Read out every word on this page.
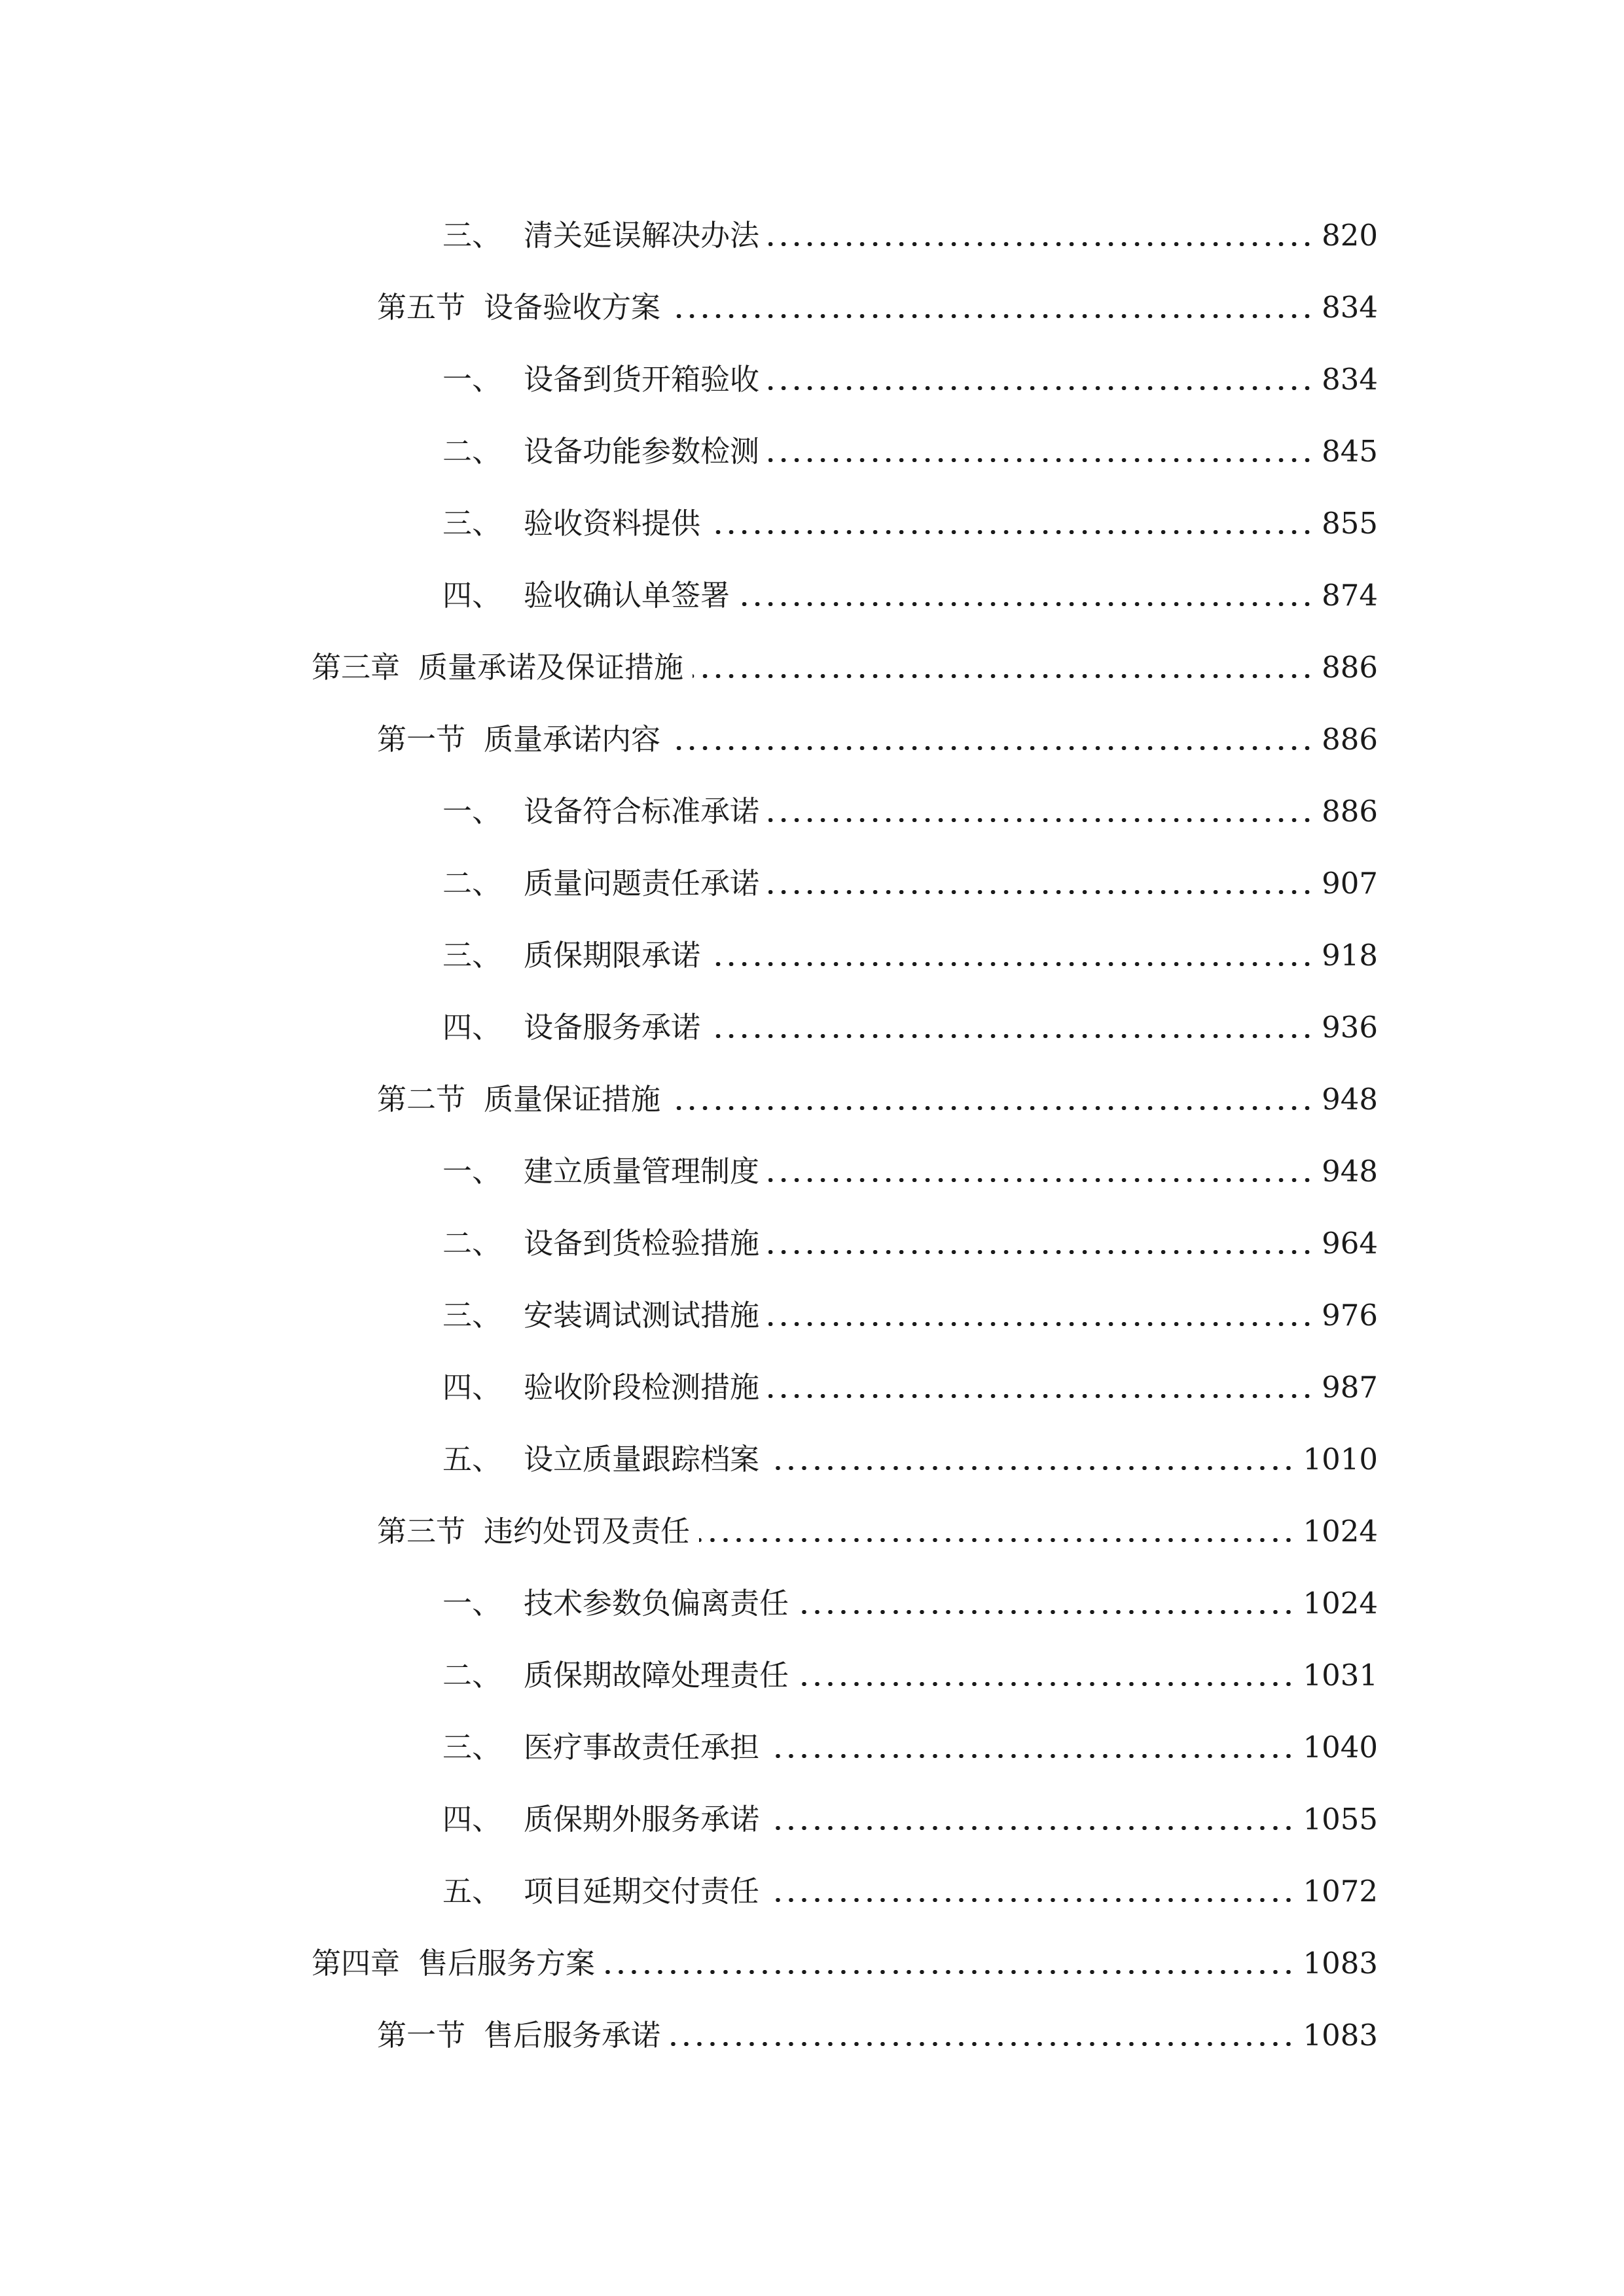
三、 清关延误解决办法	820
第五节 设备验收方案	834
一、 设备到货开箱验收	834
二、 设备功能参数检测	845
三、 验收资料提供	855
四、 验收确认单签署	874
第三章 质量承诺及保证措施	886
第一节 质量承诺内容	886
一、 设备符合标准承诺	886
二、 质量问题责任承诺	907
三、 质保期限承诺	918
四、 设备服务承诺	936
第二节 质量保证措施	948
一、 建立质量管理制度	948
二、 设备到货检验措施	964
三、 安装调试测试措施	976
四、 验收阶段检测措施	987
五、 设立质量跟踪档案	1010
第三节 违约处罚及责任	1024
一、 技术参数负偏离责任	1024
二、 质保期故障处理责任	1031
三、 医疗事故责任承担	1040
四、 质保期外服务承诺	1055
五、 项目延期交付责任	1072
第四章 售后服务方案	1083
第一节 售后服务承诺	1083
